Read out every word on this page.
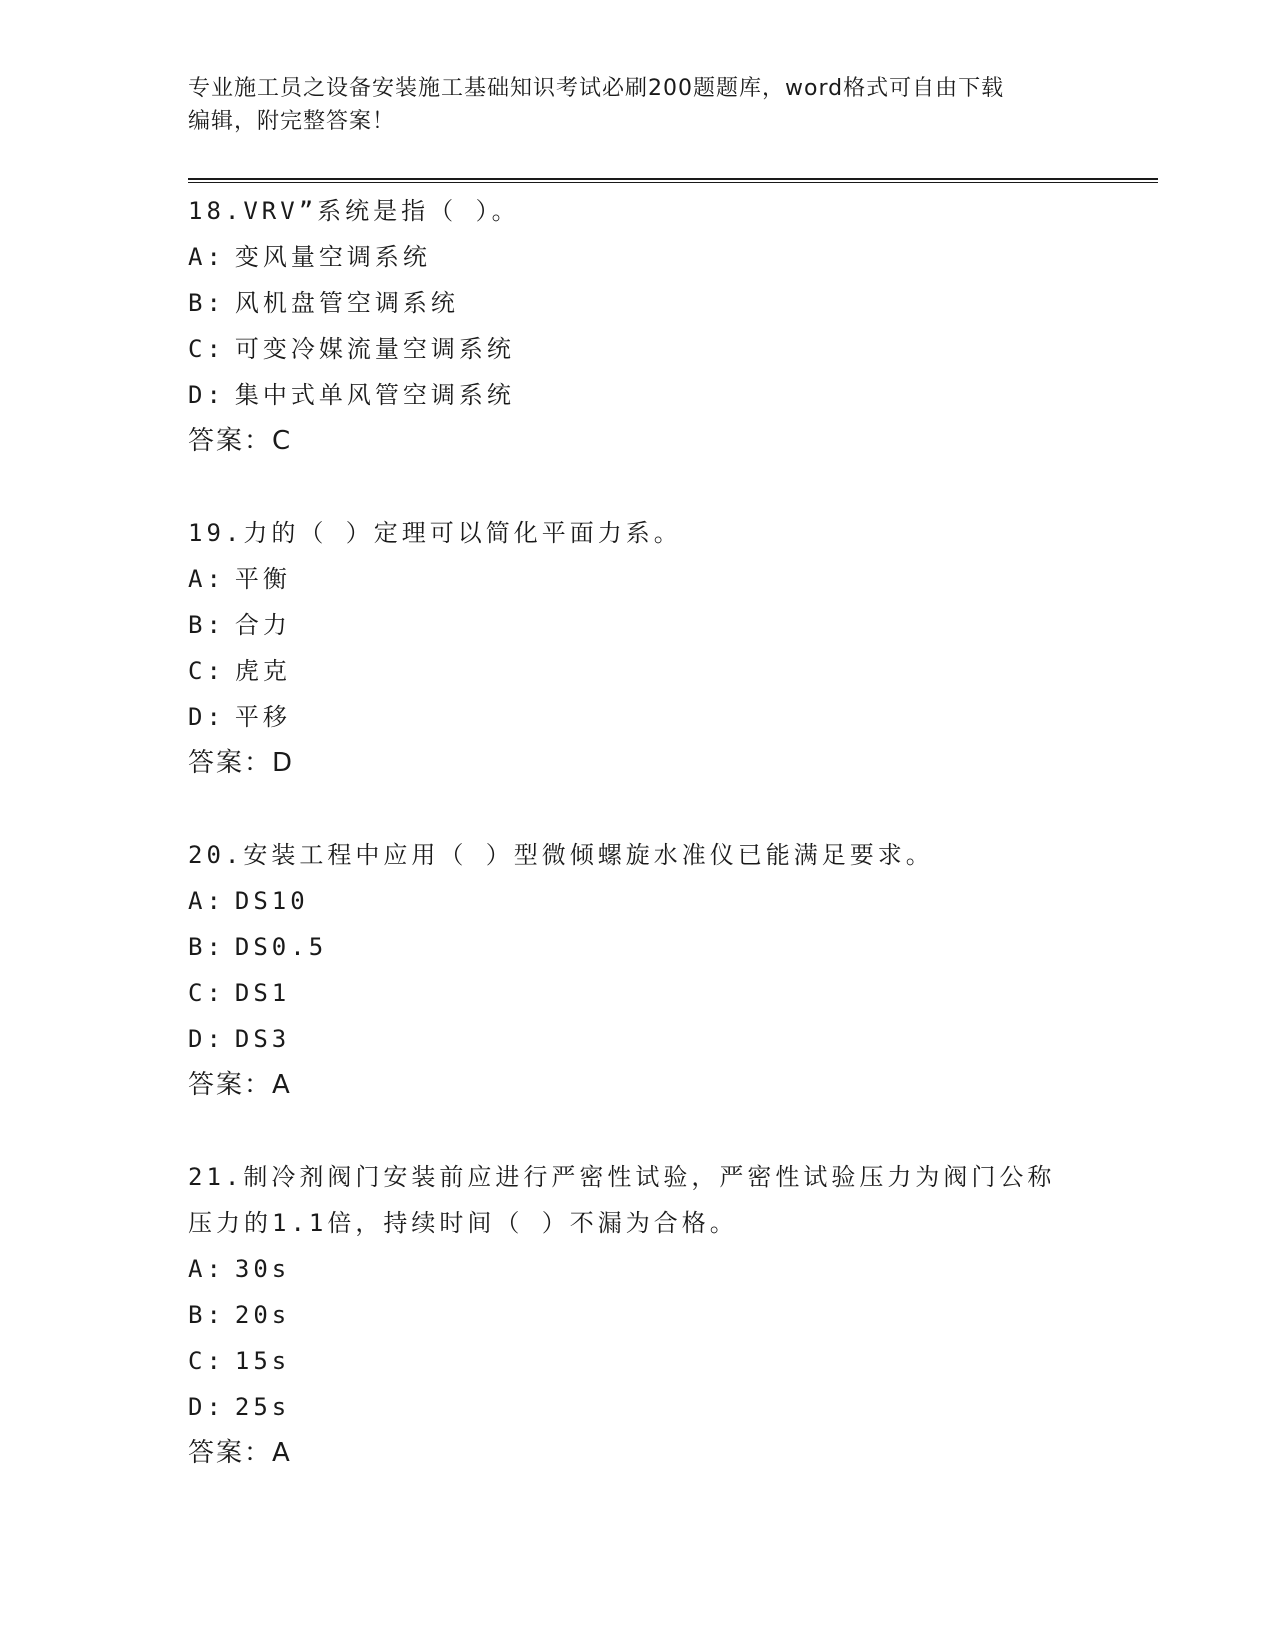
专业施工员之设备安装施工基础知识考试必刷200题题库，word格式可自由下载
编辑，附完整答案！
18.VRV”系统是指（ ）。
A: 变风量空调系统
B: 风机盘管空调系统
C: 可变冷媒流量空调系统
D: 集中式单风管空调系统
答案：C
19.力的（ ）定理可以简化平面力系。
A: 平衡
B: 合力
C: 虎克
D: 平移
答案：D
20.安装工程中应用（ ）型微倾螺旋水准仪已能满足要求。
A: DS10
B: DS0.5
C: DS1
D: DS3
答案：A
21.制冷剂阀门安装前应进行严密性试验，严密性试验压力为阀门公称
压力的1.1倍，持续时间（ ）不漏为合格。
A: 30s
B: 20s
C: 15s
D: 25s
答案：A
